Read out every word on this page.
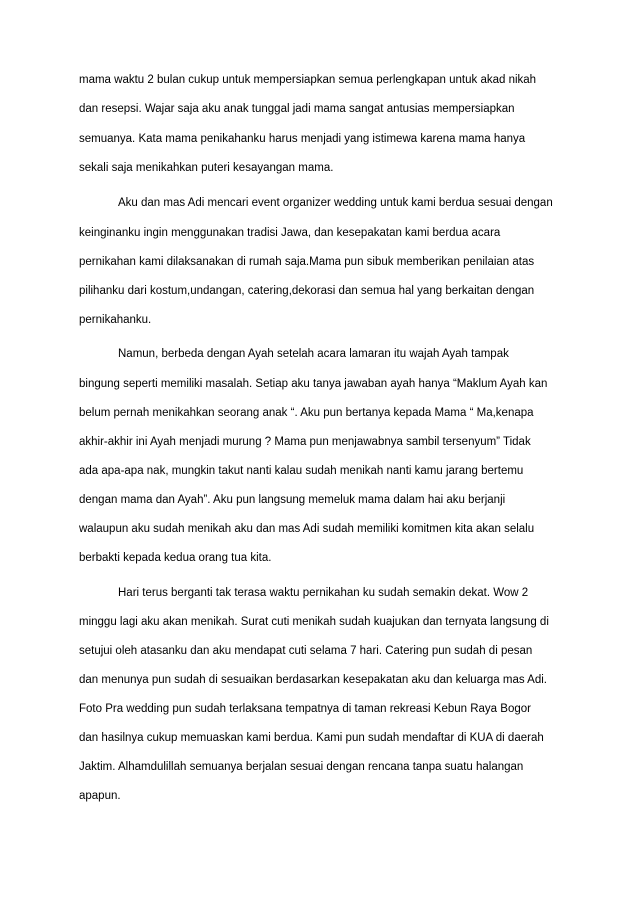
mama waktu 2 bulan cukup untuk mempersiapkan semua perlengkapan untuk akad nikah
dan resepsi. Wajar saja aku anak tunggal jadi mama sangat antusias mempersiapkan
semuanya. Kata mama penikahanku harus menjadi yang istimewa karena mama hanya
sekali saja menikahkan puteri kesayangan mama.
Aku dan mas Adi mencari event organizer wedding untuk kami berdua sesuai dengan
keinginanku ingin menggunakan tradisi Jawa, dan kesepakatan kami berdua acara
pernikahan kami dilaksanakan di rumah saja.Mama pun sibuk memberikan penilaian atas
pilihanku dari kostum,undangan, catering,dekorasi dan semua hal yang berkaitan dengan
pernikahanku.
Namun, berbeda dengan Ayah setelah acara lamaran itu wajah Ayah tampak
bingung seperti memiliki masalah. Setiap aku tanya jawaban ayah hanya “Maklum Ayah kan
belum pernah menikahkan seorang anak “. Aku pun bertanya kepada Mama “ Ma,kenapa
akhir-akhir ini Ayah menjadi murung ? Mama pun menjawabnya sambil tersenyum” Tidak
ada apa-apa nak, mungkin takut nanti kalau sudah menikah nanti kamu jarang bertemu
dengan mama dan Ayah”. Aku pun langsung memeluk mama dalam hai aku berjanji
walaupun aku sudah menikah aku dan mas Adi sudah memiliki komitmen kita akan selalu
berbakti kepada kedua orang tua kita.
Hari terus berganti tak terasa waktu pernikahan ku sudah semakin dekat. Wow 2
minggu lagi aku akan menikah. Surat cuti menikah sudah kuajukan dan ternyata langsung di
setujui oleh atasanku dan aku mendapat cuti selama 7 hari. Catering pun sudah di pesan
dan menunya pun sudah di sesuaikan berdasarkan kesepakatan aku dan keluarga mas Adi.
Foto Pra wedding pun sudah terlaksana tempatnya di taman rekreasi Kebun Raya Bogor
dan hasilnya cukup memuaskan kami berdua. Kami pun sudah mendaftar di KUA di daerah
Jaktim. Alhamdulillah semuanya berjalan sesuai dengan rencana tanpa suatu halangan
apapun.
